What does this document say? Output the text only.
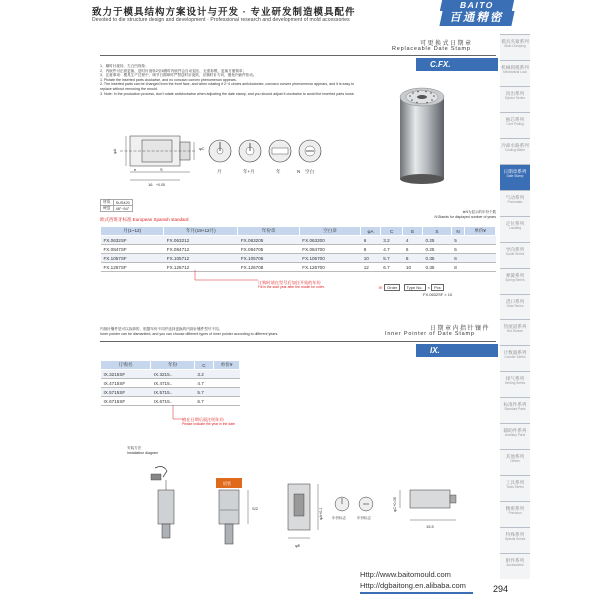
致力于模具结构方案设计与开发 · 专业研发制造模具配件
Devoted to die structure design and development · Professional research and development of mold accessories
BAITO
百通精密
模具夹紧系列
Mold Clamping
机械锁模系列
Mechanical Lock
顶出系列
Ejector Series
抽芯系列
Core Pulling
冷却水路系列
Cooling Water
日期章系列
Date Stamp
气动系列
Pneumatic
定位系列
Locating
导向系列
Guide Series
弹簧系列
Spring Series
浇口系列
Gate Series
热流道系列
Hot Runner
计数器系列
Counter Series
排气系列
Venting Series
标准件系列
Standard Parts
辅助件系列
Auxiliary Parts
其他系列
Others
工具系列
Tools Series
精密系列
Precision
特殊系列
Special Series
附件系列
Accessories
可更换式日期章
Replaceable Date Stamp
C.FX.
1、顺时针旋转，左凸凹现象；
2、内嵌件可正面更换，逆时针旋转2至4圈时内嵌件会自动退出，无需拆模，更换方便简单；
3、注意事项：模具生产过程中，调节日期章时严禁逆时针旋转，应顺时针方向，避免内嵌件松动。
1. Pictate the inserted parts clockwise, and no concavo convex phenomenon appears.
2. The inserted parts can be changed from the front face, and when rotating it 2~4 circles anticlockwise, concavo convex phenomenon appears, and it is easy to replace without removing the mould.
3. Note: In the production process, don't rotate anticlockwise when adjusting the date stamp, and you should adjust it clockwise to avoid the inserted parts loose.
φA
φC
S
16 +0.05
e	月	年+月	年	N 空白
材质	SUS420
硬度	48°~54°
欧式西班牙标准 European Spanish standard
※N为显示的年份个数
N:Stands for displayed number of years
月(1~12)	年月(19+12月)	年份章	空白章	φA	C	E	S	N	单价¥
FX.0632SF	FX.063212	FX.063205	FX.063200	6	3.2	4	0.25	5	
FX.0847SF	FX.084712	FX.084705	FX.084700	8	4.7	6	0.25	5	
FX.1057SF	FX.105712	FX.105706	FX.105700	10	5.7	8	0.35	6	
FX.1267SF	FX.126712	FX.126708	FX.126700	12	6.7	10	0.35	8	
订购时请在型号后加注开始的年份
Fill in the start year after the model for order.	☏ Order Type No. × Pcs
FX.0632SF × 10
日期章内指针镶件
Inner Pointer of Date Stamp
IX.
内指针镶件是可以拆卸的，根据年份不同并选择更换的内指针镶件型号不同。
Inner pointer can be dismantled, and you can choose different types of inner pointer according to different years.
订购名	年份	C	单价¥
IX.3215SF	IX.3215..	3.2	
IX.4715SF	IX.4715..	4.7	
IX.5715SF	IX.5715..	5.7	
IX.6715SF	IX.6715..	6.7	
请在日期后面注明年份
Please indicate the year in the date
安装方法
Installation diagram
铝管
S/2
φE
φA+0.1	年份标志	年份标志
φC+0.05
15.5
Http://www.baitomould.com
Http://dgbaitong.en.alibaba.com	294
